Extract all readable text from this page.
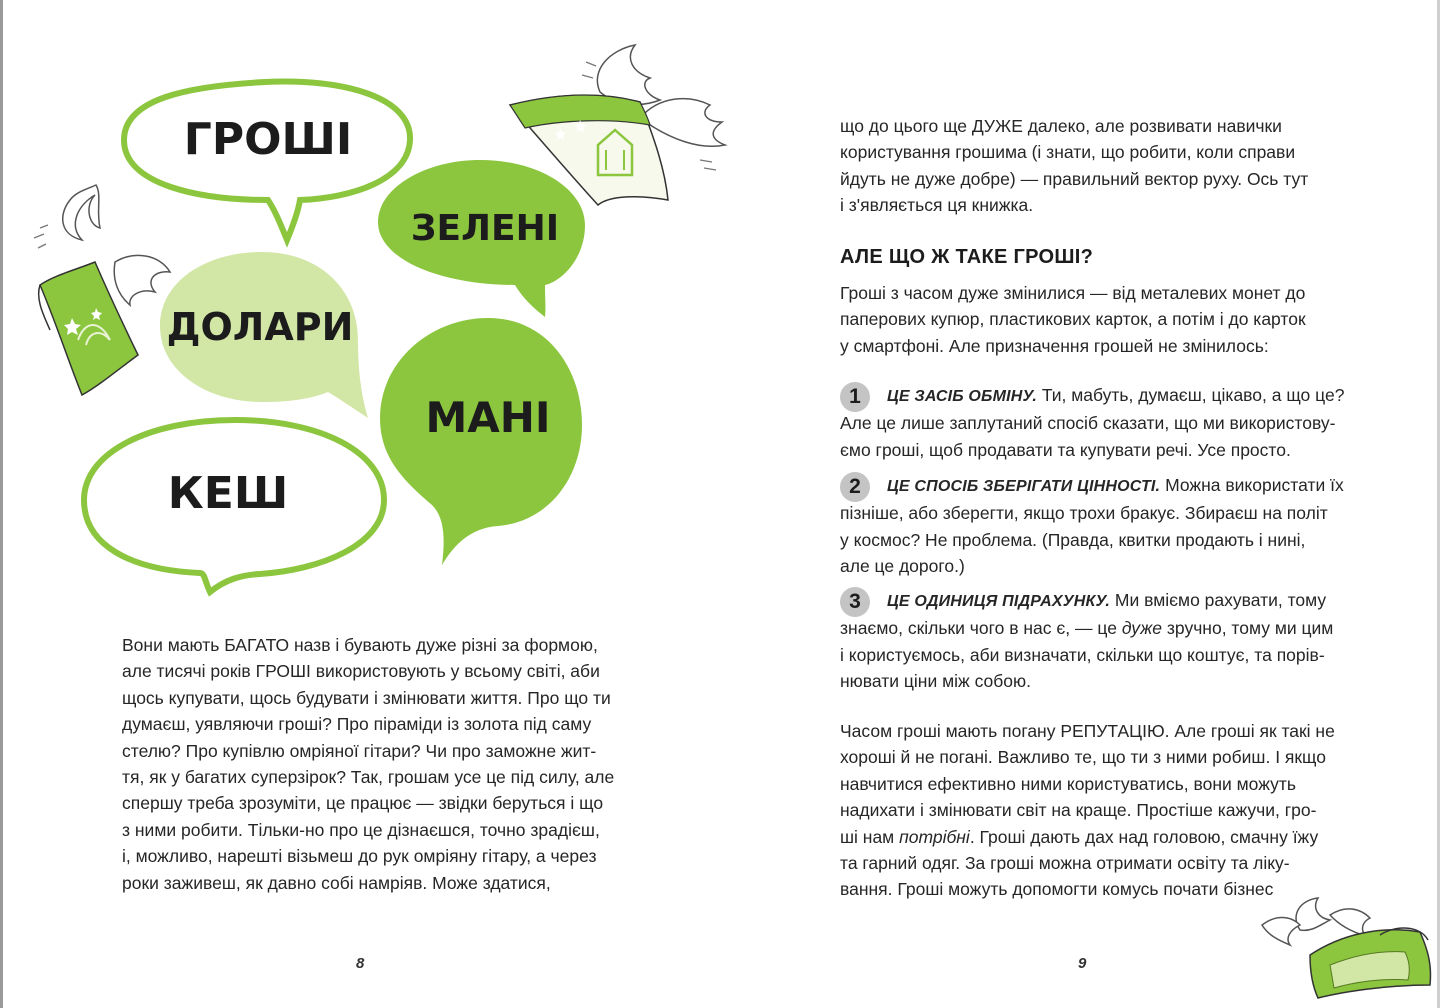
ГРОШІ
ЗЕЛЕНІ
ДОЛАРИ
МАНІ
КЕШ
Вони мають БАГАТО назв і бувають дуже різні за формою,
але тисячі років ГРОШІ використовують у всьому світі, аби
щось купувати, щось будувати і змінювати життя. Про що ти
думаєш, уявляючи гроші? Про піраміди із золота під саму
стелю? Про купівлю омріяної гітари? Чи про заможне жит-
тя, як у багатих суперзірок? Так, грошам усе це під силу, але
спершу треба зрозуміти, це працює — звідки беруться і що
з ними робити. Тільки-но про це дізнаєшся, точно зрадієш,
і, можливо, нарешті візьмеш до рук омріяну гітару, а через
роки заживеш, як давно собі намріяв. Може здатися,
8
що до цього ще ДУЖЕ далеко, але розвивати навички
користування грошима (і знати, що робити, коли справи
йдуть не дуже добре) — правильний вектор руху. Ось тут
і з'являється ця книжка.
АЛЕ ЩО Ж ТАКЕ ГРОШІ?
Гроші з часом дуже змінилися — від металевих монет до
паперових купюр, пластикових карток, а потім і до карток
у смартфоні. Але призначення грошей не змінилось:
1	ЦЕ ЗАСІБ ОБМІНУ. Ти, мабуть, думаєш, цікаво, а що це?
Але це лише заплутаний спосіб сказати, що ми використову-
ємо гроші, щоб продавати та купувати речі. Усе просто.
2	ЦЕ СПОСІБ ЗБЕРІГАТИ ЦІННОСТІ. Можна використати їх
пізніше, або зберегти, якщо трохи бракує. Збираєш на політ
у космос? Не проблема. (Правда, квитки продають і нині,
але це дорого.)
3	ЦЕ ОДИНИЦЯ ПІДРАХУНКУ. Ми вміємо рахувати, тому
знаємо, скільки чого в нас є, — це дуже зручно, тому ми цим
і користуємось, аби визначати, скільки що коштує, та порів-
нювати ціни між собою.
Часом гроші мають погану РЕПУТАЦІЮ. Але гроші як такі не
хороші й не погані. Важливо те, що ти з ними робиш. І якщо
навчитися ефективно ними користуватись, вони можуть
надихати і змінювати світ на краще. Простіше кажучи, гро-
ші нам потрібні. Гроші дають дах над головою, смачну їжу
та гарний одяг. За гроші можна отримати освіту та ліку-
вання. Гроші можуть допомогти комусь почати бізнес
9
